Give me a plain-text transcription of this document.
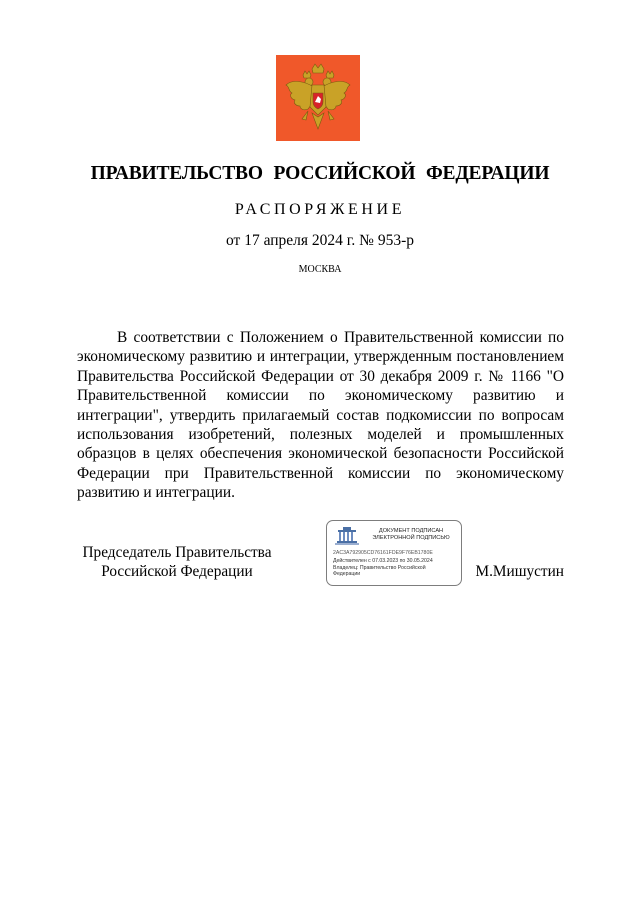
ПРАВИТЕЛЬСТВО РОССИЙСКОЙ ФЕДЕРАЦИИ
РАСПОРЯЖЕНИЕ
от 17 апреля 2024 г. № 953-р
МОСКВА

В соответствии с Положением о Правительственной комиссии по экономическому развитию и интеграции, утвержденным постановлением Правительства Российской Федерации от 30 декабря 2009 г. № 1166 "О Правительственной комиссии по экономическому развитию и интеграции", утвердить прилагаемый состав подкомиссии по вопросам использования изобретений, полезных моделей и промышленных образцов в целях обеспечения экономической безопасности Российской Федерации при Правительственной комиссии по экономическому развитию и интеграции.

Председатель Правительства
Российской Федерации
ДОКУМЕНТ ПОДПИСАН
ЭЛЕКТРОННОЙ ПОДПИСЬЮ
2AC3A792905CD76161FDE9F76EB1780E
Действителен с 07.03.2023 по 30.05.2024
Владелец: Правительство Российской Федерации	М.Мишустин
